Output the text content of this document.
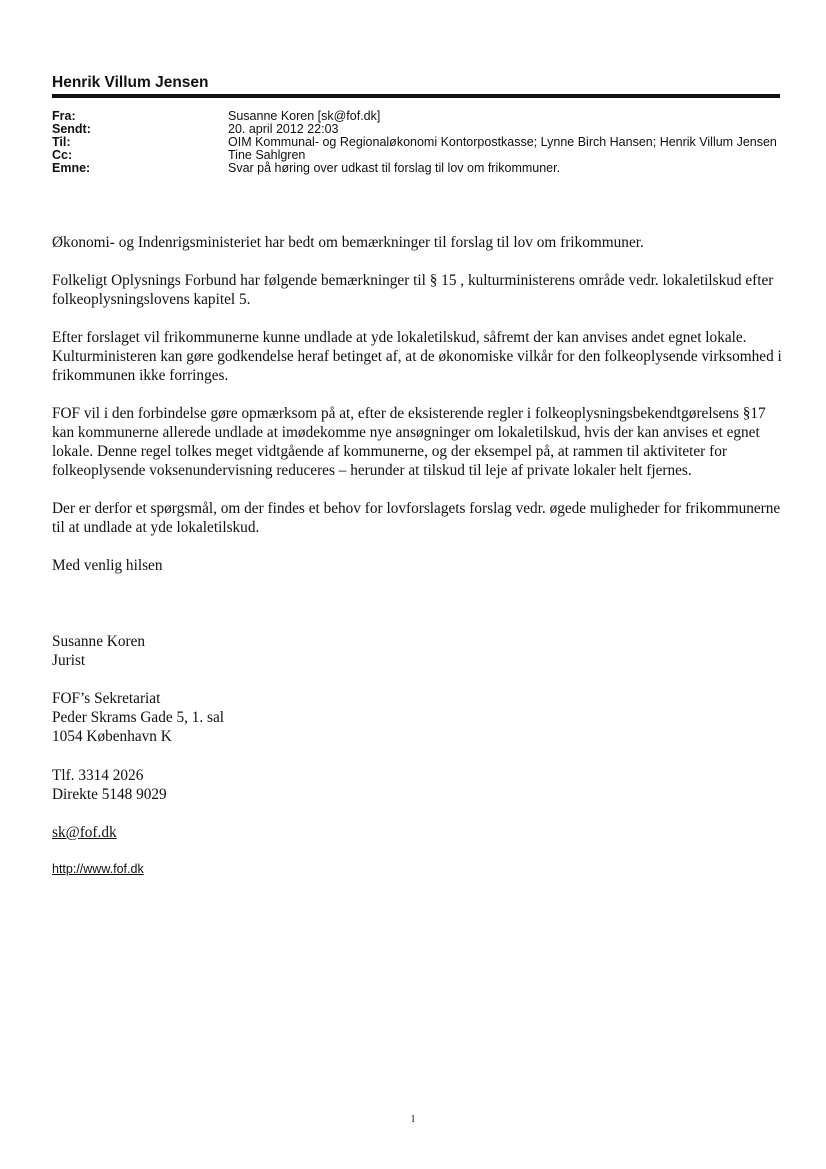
Henrik Villum Jensen
Fra:	Susanne Koren [sk@fof.dk]
Sendt:	20. april 2012 22:03
Til:	OIM Kommunal- og Regionaløkonomi Kontorpostkasse; Lynne Birch Hansen; Henrik Villum Jensen
Cc:	Tine Sahlgren
Emne:	Svar på høring over udkast til forslag til lov om frikommuner.

Økonomi- og Indenrigsministeriet har bedt om bemærkninger til forslag til lov om frikommuner.

Folkeligt Oplysnings Forbund har følgende bemærkninger til § 15 , kulturministerens område vedr. lokaletilskud efter folkeoplysningslovens kapitel 5.

Efter forslaget vil frikommunerne kunne undlade at yde lokaletilskud, såfremt der kan anvises andet egnet lokale. Kulturministeren kan gøre godkendelse heraf betinget af, at de økonomiske vilkår for den folkeoplysende virksomhed i frikommunen ikke forringes.

FOF vil i den forbindelse gøre opmærksom på at, efter de eksisterende regler i folkeoplysningsbekendtgørelsens §17 kan kommunerne allerede undlade at imødekomme nye ansøgninger om lokaletilskud, hvis der kan anvises et egnet lokale. Denne regel tolkes meget vidtgående af kommunerne, og der eksempel på, at rammen til aktiviteter for folkeoplysende voksenundervisning reduceres – herunder at tilskud til leje af private lokaler helt fjernes.

Der er derfor et spørgsmål, om der findes et behov for lovforslagets forslag vedr. øgede muligheder for frikommunerne til at undlade at yde lokaletilskud.

Med venlig hilsen

Susanne Koren
Jurist
FOF’s Sekretariat
Peder Skrams Gade 5, 1. sal
1054 København K
Tlf. 3314 2026
Direkte 5148 9029
sk@fof.dk
http://www.fof.dk
1
